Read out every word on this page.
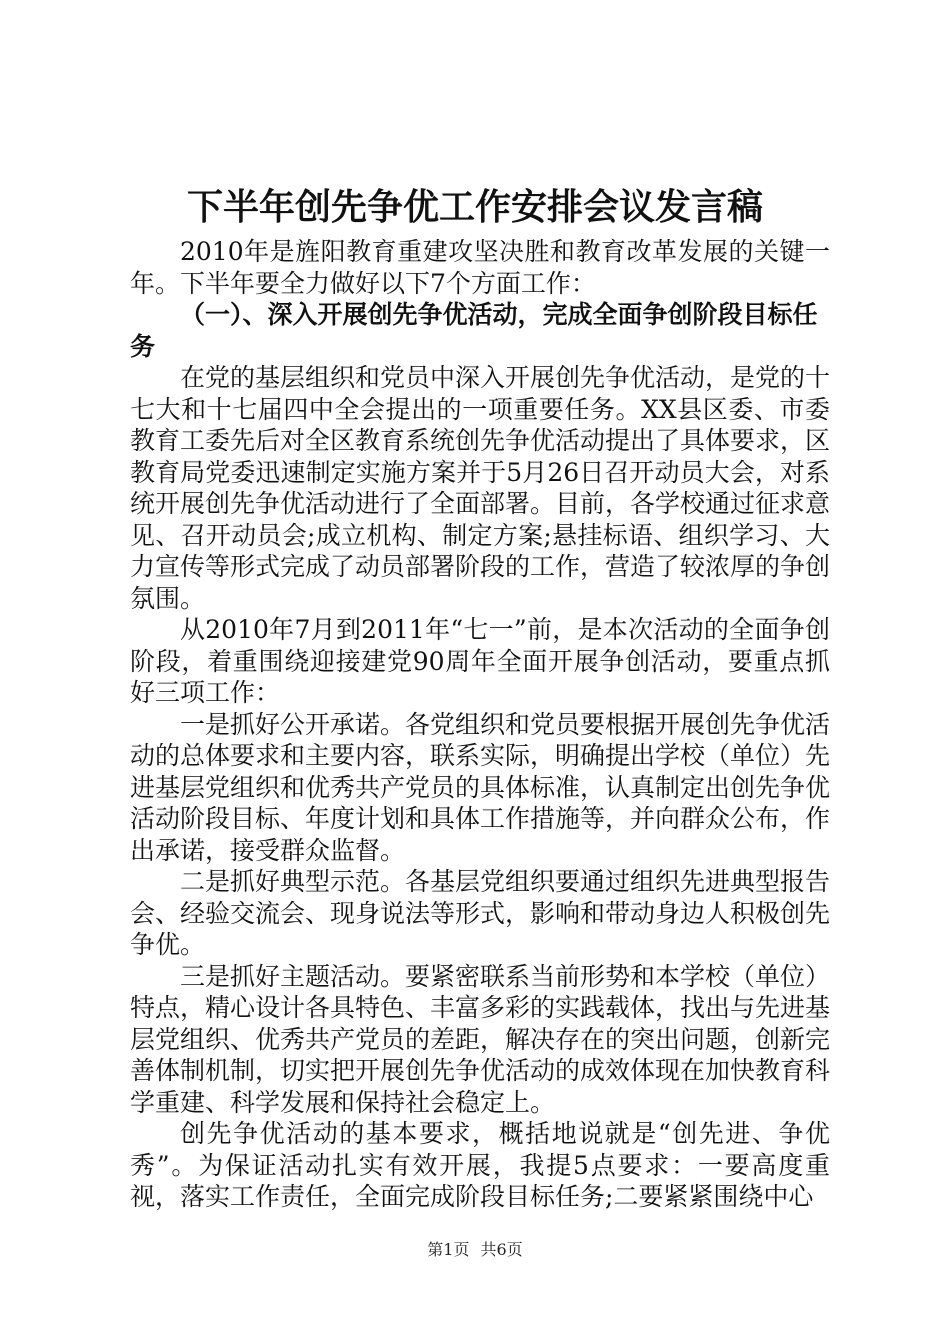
下半年创先争优工作安排会议发言稿

2010年是旌阳教育重建攻坚决胜和教育改革发展的关键一年。下半年要全力做好以下7个方面工作：

（一）、深入开展创先争优活动，完成全面争创阶段目标任务

在党的基层组织和党员中深入开展创先争优活动，是党的十七大和十七届四中全会提出的一项重要任务。XX县区委、市委教育工委先后对全区教育系统创先争优活动提出了具体要求，区教育局党委迅速制定实施方案并于5月26日召开动员大会，对系统开展创先争优活动进行了全面部署。目前，各学校通过征求意见、召开动员会;成立机构、制定方案;悬挂标语、组织学习、大力宣传等形式完成了动员部署阶段的工作，营造了较浓厚的争创氛围。

从2010年7月到2011年“七一”前，是本次活动的全面争创阶段，着重围绕迎接建党90周年全面开展争创活动，要重点抓好三项工作：

一是抓好公开承诺。各党组织和党员要根据开展创先争优活动的总体要求和主要内容，联系实际，明确提出学校（单位）先进基层党组织和优秀共产党员的具体标准，认真制定出创先争优活动阶段目标、年度计划和具体工作措施等，并向群众公布，作出承诺，接受群众监督。

二是抓好典型示范。各基层党组织要通过组织先进典型报告会、经验交流会、现身说法等形式，影响和带动身边人积极创先争优。

三是抓好主题活动。要紧密联系当前形势和本学校（单位）特点，精心设计各具特色、丰富多彩的实践载体，找出与先进基层党组织、优秀共产党员的差距，解决存在的突出问题，创新完善体制机制，切实把开展创先争优活动的成效体现在加快教育科学重建、科学发展和保持社会稳定上。

创先争优活动的基本要求，概括地说就是“创先进、争优秀”。为保证活动扎实有效开展，我提5点要求：一要高度重视，落实工作责任，全面完成阶段目标任务;二要紧紧围绕中心

第1页 共6页
